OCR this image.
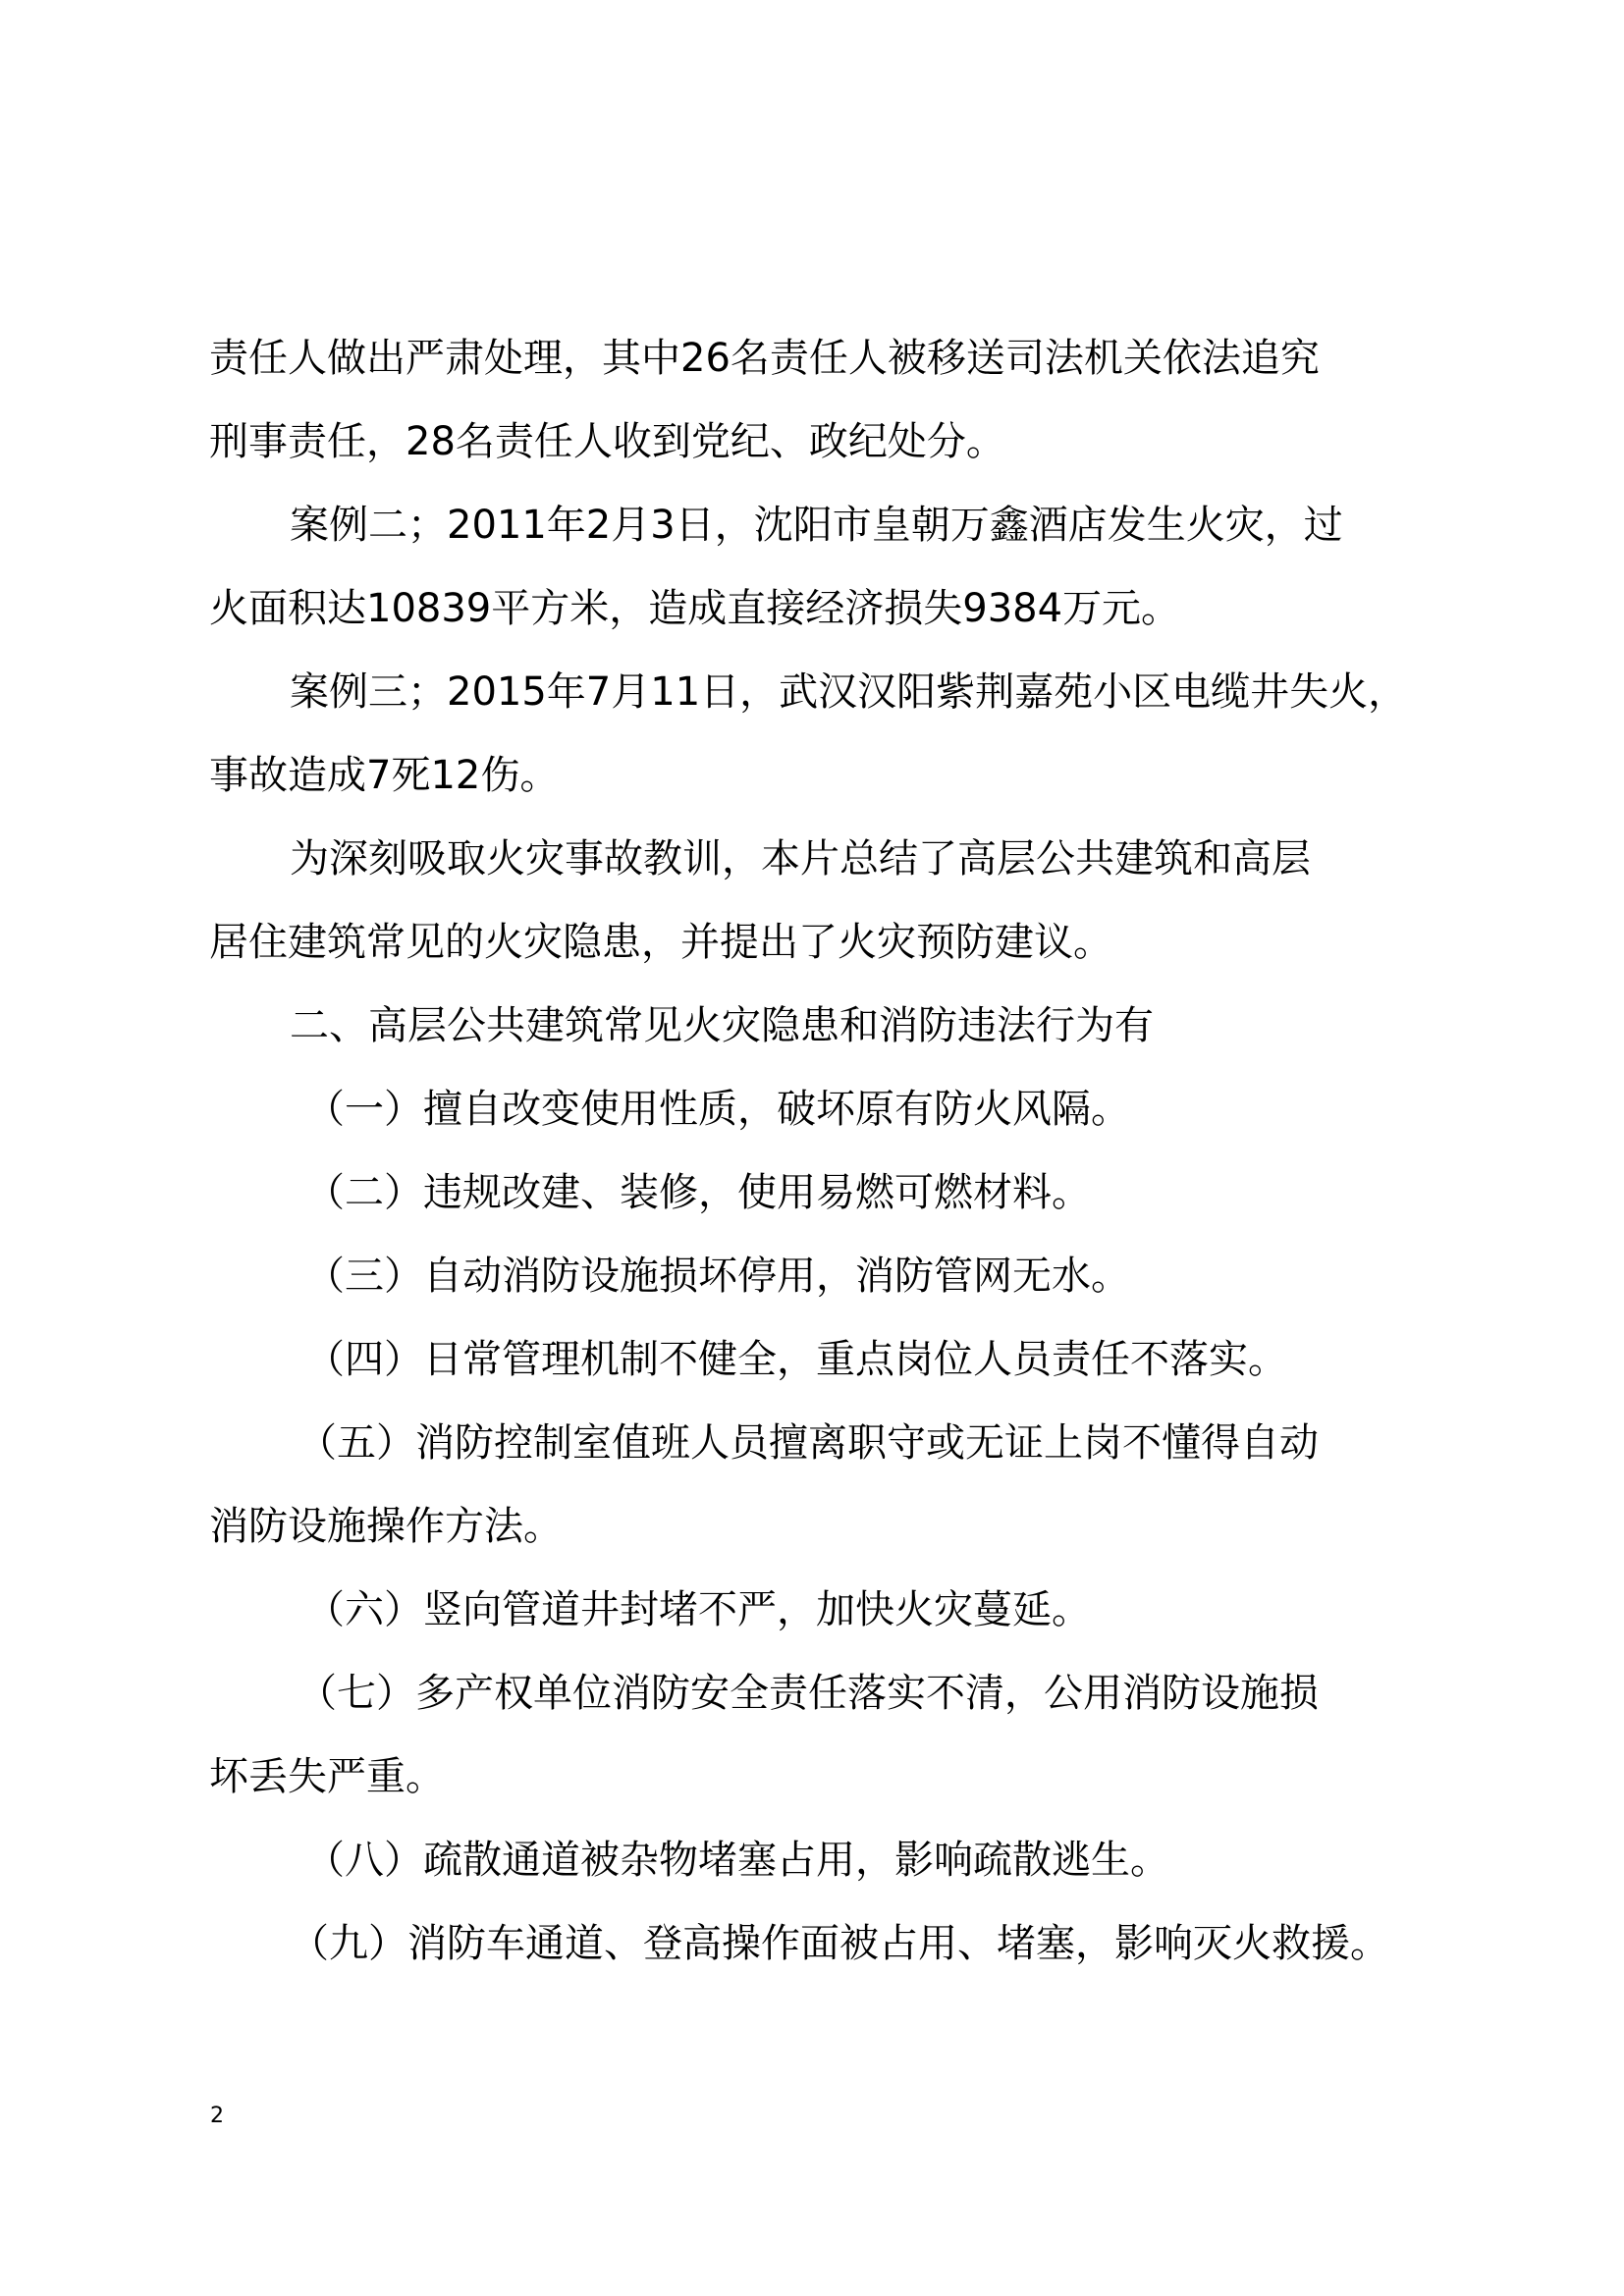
责任人做出严肃处理，其中26名责任人被移送司法机关依法追究
刑事责任，28名责任人收到党纪、政纪处分。
案例二；2011年2月3日，沈阳市皇朝万鑫酒店发生火灾，过
火面积达10839平方米，造成直接经济损失9384万元。
案例三；2015年7月11日，武汉汉阳紫荆嘉苑小区电缆井失火，
事故造成7死12伤。
为深刻吸取火灾事故教训，本片总结了高层公共建筑和高层
居住建筑常见的火灾隐患，并提出了火灾预防建议。
二、高层公共建筑常见火灾隐患和消防违法行为有
（一）擅自改变使用性质，破坏原有防火风隔。
（二）违规改建、装修，使用易燃可燃材料。
（三）自动消防设施损坏停用，消防管网无水。
（四）日常管理机制不健全，重点岗位人员责任不落实。
（五）消防控制室值班人员擅离职守或无证上岗不懂得自动
消防设施操作方法。
（六）竖向管道井封堵不严，加快火灾蔓延。
（七）多产权单位消防安全责任落实不清，公用消防设施损
坏丢失严重。
（八）疏散通道被杂物堵塞占用，影响疏散逃生。
（九）消防车通道、登高操作面被占用、堵塞，影响灭火救援。
2
